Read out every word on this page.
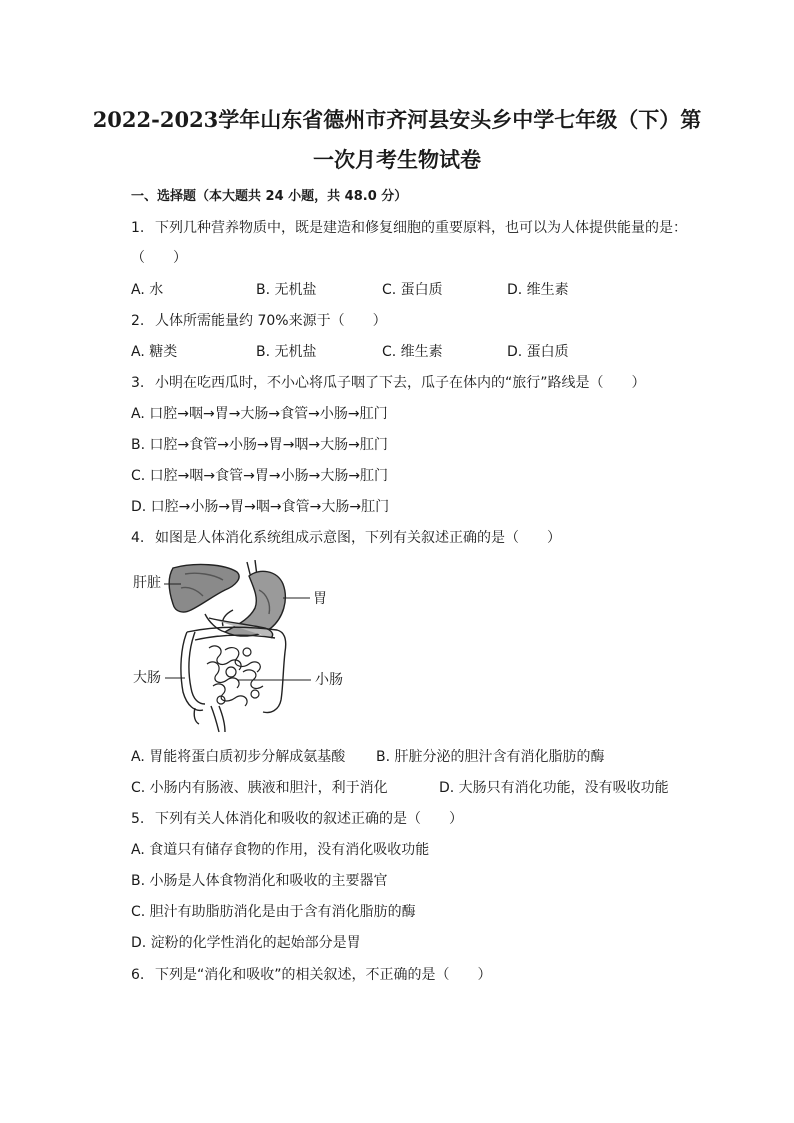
2022-2023学年山东省德州市齐河县安头乡中学七年级（下）第
一次月考生物试卷
一、选择题（本大题共 24 小题，共 48.0 分）
1. 下列几种营养物质中，既是建造和修复细胞的重要原料，也可以为人体提供能量的是：
（　　）
A. 水	B. 无机盐	C. 蛋白质	D. 维生素
2. 人体所需能量约 70%来源于（　　）
A. 糖类	B. 无机盐	C. 维生素	D. 蛋白质
3. 小明在吃西瓜时，不小心将瓜子咽了下去，瓜子在体内的“旅行”路线是（　　）
A. 口腔→咽→胃→大肠→食管→小肠→肛门
B. 口腔→食管→小肠→胃→咽→大肠→肛门
C. 口腔→咽→食管→胃→小肠→大肠→肛门
D. 口腔→小肠→胃→咽→食管→大肠→肛门
4. 如图是人体消化系统组成示意图，下列有关叙述正确的是（　　）
肝脏
胃
大肠	小肠
A. 胃能将蛋白质初步分解成氨基酸 B. 肝脏分泌的胆汁含有消化脂肪的酶
C. 小肠内有肠液、胰液和胆汁，利于消化	D. 大肠只有消化功能，没有吸收功能
5. 下列有关人体消化和吸收的叙述正确的是（　　）
A. 食道只有储存食物的作用，没有消化吸收功能
B. 小肠是人体食物消化和吸收的主要器官
C. 胆汁有助脂肪消化是由于含有消化脂肪的酶
D. 淀粉的化学性消化的起始部分是胃
6. 下列是“消化和吸收”的相关叙述，不正确的是（　　）
